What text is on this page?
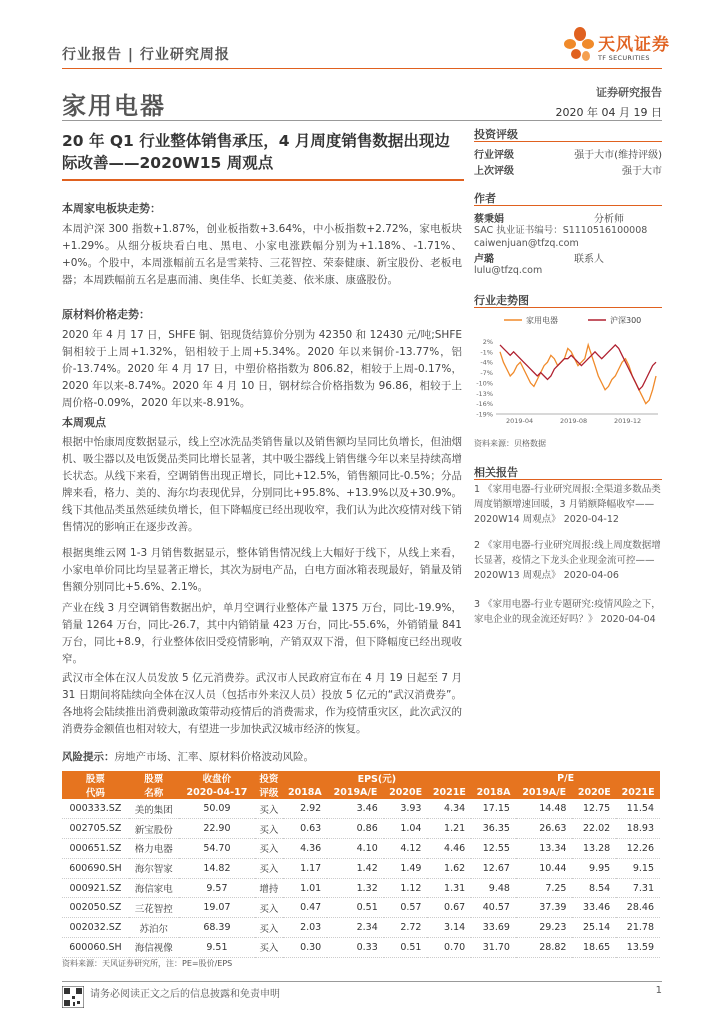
行业报告 | 行业研究周报	天风证券
TF SECURITIES
家用电器	证券研究报告
2020 年 04 月 19 日
20 年 Q1 行业整体销售承压，4 月周度销售数据出现边际改善——2020W15 周观点
本周家电板块走势：
本周沪深 300 指数+1.87%，创业板指数+3.64%，中小板指数+2.72%，家电板块+1.29%。从细分板块看白电、黑电、小家电涨跌幅分别为+1.18%、-1.71%、+0%。个股中，本周涨幅前五名是雪莱特、三花智控、荣泰健康、新宝股份、老板电器；本周跌幅前五名是惠而浦、奥佳华、长虹美菱、依米康、康盛股份。
原材料价格走势：
2020 年 4 月 17 日，SHFE 铜、铝现货结算价分别为 42350 和 12430 元/吨;SHFE 铜相较于上周+1.32%，铝相较于上周+5.34%。2020 年以来铜价-13.77%，铝价-13.74%。2020 年 4 月 17 日，中塑价格指数为 806.82，相较于上周-0.17%，2020 年以来-8.74%。2020 年 4 月 10 日，钢材综合价格指数为 96.86，相较于上周价格-0.09%，2020 年以来-8.91%。
本周观点
根据中怡康周度数据显示，线上空冰洗品类销售量以及销售额均呈同比负增长，但油烟机、吸尘器以及电饭煲品类同比增长显著，其中吸尘器线上销售继今年以来呈持续高增长状态。从线下来看，空调销售出现正增长，同比+12.5%，销售额同比-0.5%；分品牌来看，格力、美的、海尔均表现优异，分别同比+95.8%、+13.9%以及+30.9%。线下其他品类虽然延续负增长，但下降幅度已经出现收窄，我们认为此次疫情对线下销售情况的影响正在逐步改善。
根据奥维云网 1-3 月销售数据显示，整体销售情况线上大幅好于线下，从线上来看，小家电单价同比均呈显著正增长，其次为厨电产品，白电方面冰箱表现最好，销量及销售额分别同比+5.6%、2.1%。
产业在线 3 月空调销售数据出炉，单月空调行业整体产量 1375 万台，同比-19.9%，销量 1264 万台，同比-26.7，其中内销销量 423 万台，同比-55.6%，外销销量 841 万台，同比+8.9，行业整体依旧受疫情影响，产销双双下滑，但下降幅度已经出现收窄。
武汉市全体在汉人员发放 5 亿元消费券。武汉市人民政府宣布在 4 月 19 日起至 7 月 31 日期间将陆续向全体在汉人员（包括市外来汉人员）投放 5 亿元的“武汉消费券”。各地将会陆续推出消费刺激政策带动疫情后的消费需求，作为疫情重灾区，此次武汉的消费券金额值也相对较大，有望进一步加快武汉城市经济的恢复。
风险提示：房地产市场、汇率、原材料价格波动风险。
投资评级
行业评级	强于大市(维持评级)
上次评级	强于大市
作者
蔡秉娟	分析师
SAC 执业证书编号：S1110516100008
caiwenjuan@tfzq.com
卢璐	联系人
lulu@tfzq.com
行业走势图
家用电器	沪深300
2%
-1%
-4%
-7%
-10%
-13%
-16%
-19%
2019-04	2019-08	2019-12
资料来源：贝格数据
相关报告
1 《家用电器-行业研究周报:全渠道多数品类周度销额增速回暖，3 月销额降幅收窄——2020W14 周观点》 2020-04-12
2 《家用电器-行业研究周报:线上周度数据增长显著，疫情之下龙头企业现金流可控——2020W13 周观点》 2020-04-06
3 《家用电器-行业专题研究:疫情风险之下，家电企业的现金流还好吗？》 2020-04-04
股票	股票	收盘价	投资	EPS(元)				P/E			
代码	名称	2020-04-17	评级	2018A	2019A/E	2020E	2021E	2018A	2019A/E	2020E	2021E
000333.SZ	美的集团	50.09	买入	2.92	3.46	3.93	4.34	17.15	14.48	12.75	11.54
002705.SZ	新宝股份	22.90	买入	0.63	0.86	1.04	1.21	36.35	26.63	22.02	18.93
000651.SZ	格力电器	54.70	买入	4.36	4.10	4.12	4.46	12.55	13.34	13.28	12.26
600690.SH	海尔智家	14.82	买入	1.17	1.42	1.49	1.62	12.67	10.44	9.95	9.15
000921.SZ	海信家电	9.57	增持	1.01	1.32	1.12	1.31	9.48	7.25	8.54	7.31
002050.SZ	三花智控	19.07	买入	0.47	0.51	0.57	0.67	40.57	37.39	33.46	28.46
002032.SZ	苏泊尔	68.39	买入	2.03	2.34	2.72	3.14	33.69	29.23	25.14	21.78
600060.SH	海信视像	9.51	买入	0.30	0.33	0.51	0.70	31.70	28.82	18.65	13.59
资料来源：天风证券研究所，注：PE=股价/EPS
请务必阅读正文之后的信息披露和免责申明	1
